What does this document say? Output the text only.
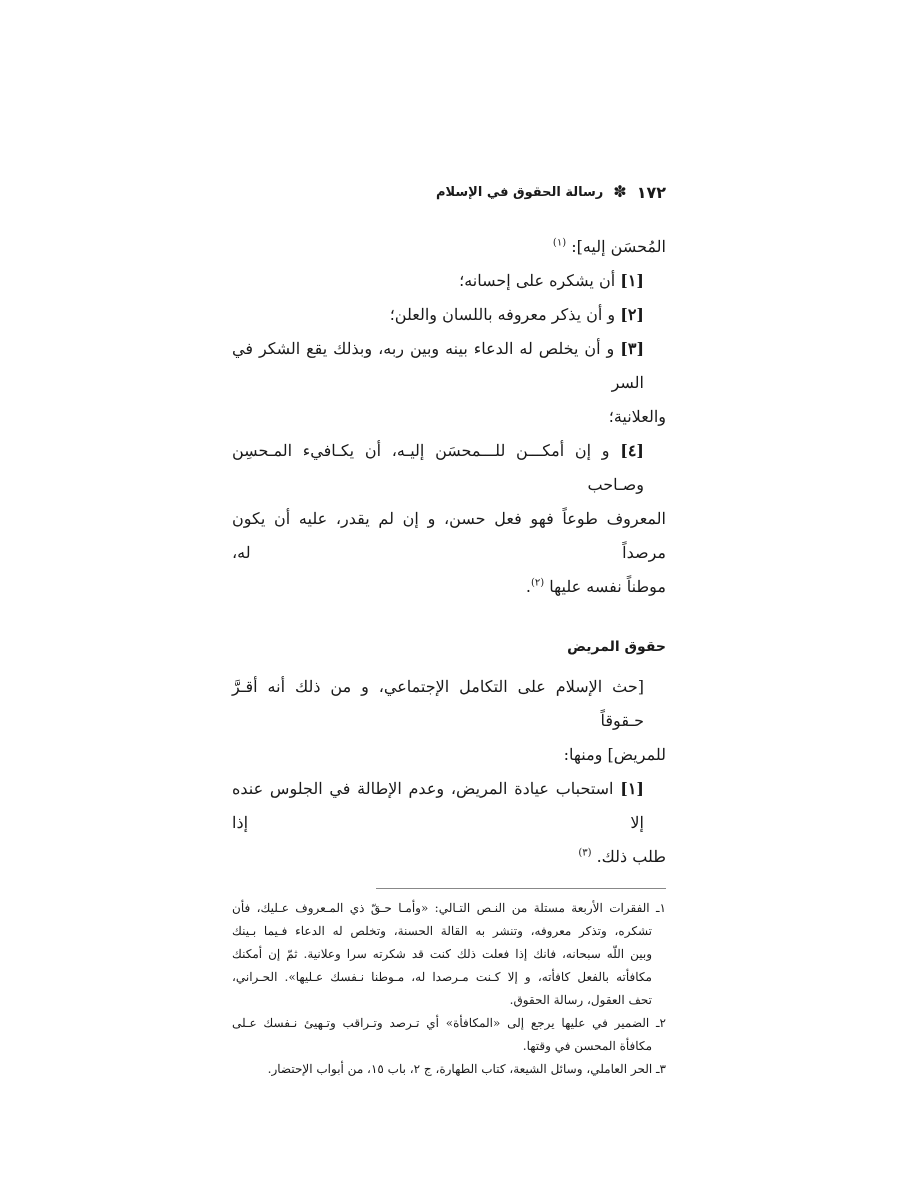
١٧٢
✽
رسالة الحقوق في الإسلام
المُحسَن إليه]: $^{(١)}$
[١] أن يشكره على إحسانه؛
[٢] و أن يذكر معروفه باللسان والعلن؛
[٣] و أن يخلص له الدعاء بينه وبين ربه، وبذلك يقع الشكر في السر
والعلانية؛
[٤] و إن أمكـــن للـــمحسَن إليـه، أن يكـافيء المـحسِن وصـاحب
المعروف طوعاً فهو فعل حسن، و إن لم يقدر، عليه أن يكون مرصداً له،
موطناً نفسه عليها $^{(٢)}$.
حقوق المريض
[حث الإسلام على التكامل الإجتماعي، و من ذلك أنه أقـرَّ حـقوقاً
للمريض] ومنها:
[١] استحباب عيادة المريض، وعدم الإطالة في الجلوس عنده إلا إذا
طلب ذلك. $^{(٣)}$
١ـ الفقرات الأربعة مستلة من النـص التـالي: «وأمـا حـقّ ذي المـعروف عـليك، فأن
تشكره، وتذكر معروفه، وتنشر به القالة الحسنة، وتخلص له الدعاء فـيما بـينك
وبين اللّه سبحانه، فانك إذا فعلت ذلك كنت قد شكرته سرا وعلانية. ثمّ إن أمكنك
مكافأته بالفعل كافأته، و إلا كـنت مـرصدا له، مـوطنا نـفسك عـليها». الحـراني،
تحف العقول، رسالة الحقوق.
٢ـ الضمير في عليها يرجع إلى «المكافأة» أي تـرصد وتـراقب وتـهيئ نـفسك عـلى
مكافأة المحسن في وقتها.
٣ـ الحر العاملي، وسائل الشيعة، كتاب الطهارة، ج ٢، باب ١٥، من أبواب الإحتضار.
